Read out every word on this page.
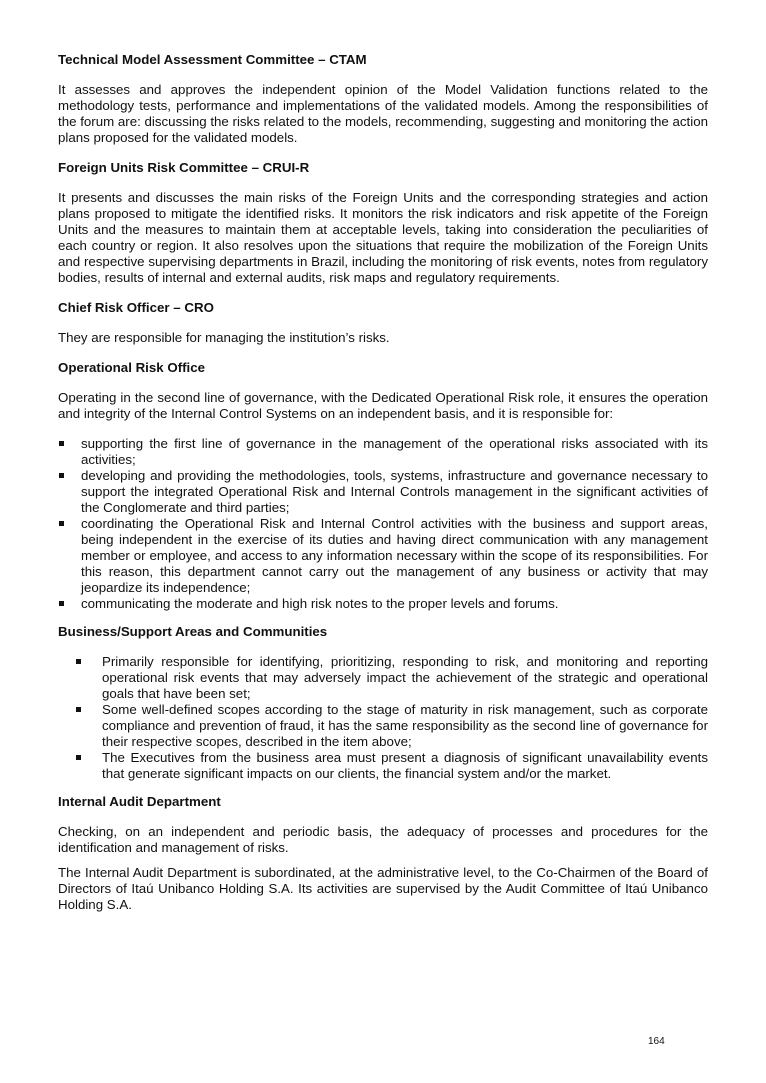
Technical Model Assessment Committee – CTAM
It assesses and approves the independent opinion of the Model Validation functions related to the methodology tests, performance and implementations of the validated models. Among the responsibilities of the forum are: discussing the risks related to the models, recommending, suggesting and monitoring the action plans proposed for the validated models.
Foreign Units Risk Committee – CRUI-R
It presents and discusses the main risks of the Foreign Units and the corresponding strategies and action plans proposed to mitigate the identified risks. It monitors the risk indicators and risk appetite of the Foreign Units and the measures to maintain them at acceptable levels, taking into consideration the peculiarities of each country or region. It also resolves upon the situations that require the mobilization of the Foreign Units and respective supervising departments in Brazil, including the monitoring of risk events, notes from regulatory bodies, results of internal and external audits, risk maps and regulatory requirements.
Chief Risk Officer – CRO
They are responsible for managing the institution’s risks.
Operational Risk Office
Operating in the second line of governance, with the Dedicated Operational Risk role, it ensures the operation and integrity of the Internal Control Systems on an independent basis, and it is responsible for:
supporting the first line of governance in the management of the operational risks associated with its activities;
developing and providing the methodologies, tools, systems, infrastructure and governance necessary to support the integrated Operational Risk and Internal Controls management in the significant activities of the Conglomerate and third parties;
coordinating the Operational Risk and Internal Control activities with the business and support areas, being independent in the exercise of its duties and having direct communication with any management member or employee, and access to any information necessary within the scope of its responsibilities. For this reason, this department cannot carry out the management of any business or activity that may jeopardize its independence;
communicating the moderate and high risk notes to the proper levels and forums.
Business/Support Areas and Communities
Primarily responsible for identifying, prioritizing, responding to risk, and monitoring and reporting operational risk events that may adversely impact the achievement of the strategic and operational goals that have been set;
Some well-defined scopes according to the stage of maturity in risk management, such as corporate compliance and prevention of fraud, it has the same responsibility as the second line of governance for their respective scopes, described in the item above;
The Executives from the business area must present a diagnosis of significant unavailability events that generate significant impacts on our clients, the financial system and/or the market.
Internal Audit Department
Checking, on an independent and periodic basis, the adequacy of processes and procedures for the identification and management of risks.
The Internal Audit Department is subordinated, at the administrative level, to the Co-Chairmen of the Board of Directors of Itaú Unibanco Holding S.A. Its activities are supervised by the Audit Committee of Itaú Unibanco Holding S.A.
164
